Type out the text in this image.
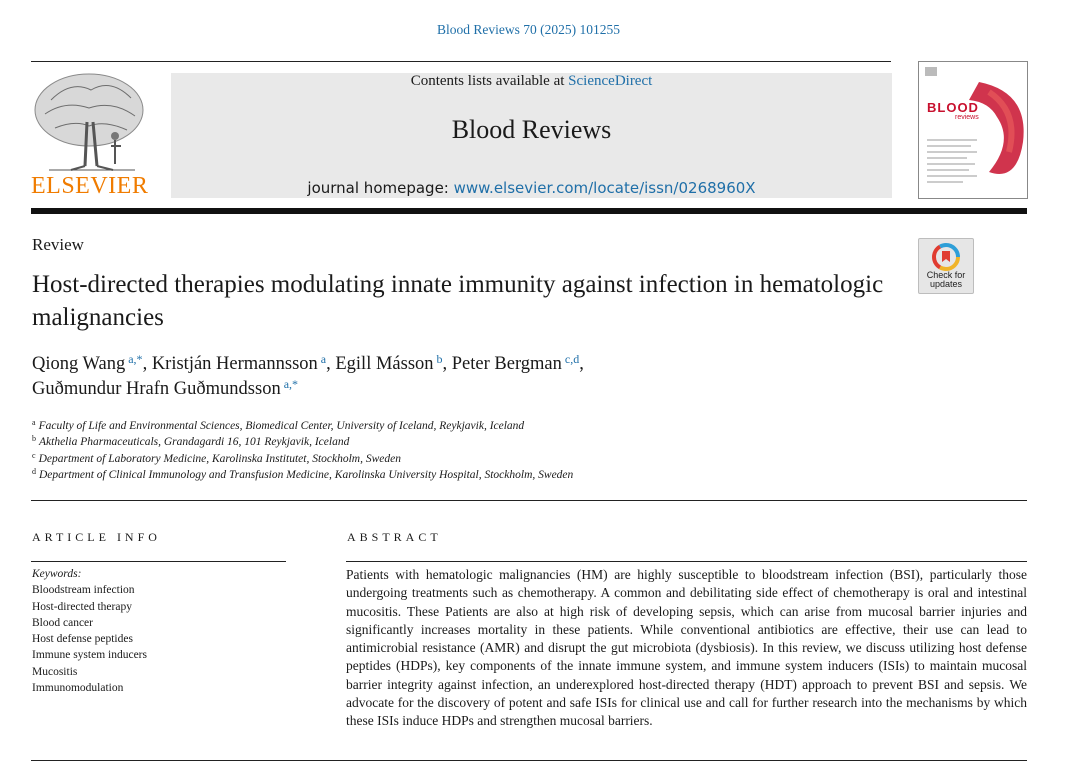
Blood Reviews 70 (2025) 101255
ELSEVIER
Contents lists available at ScienceDirect
Blood Reviews
journal homepage: www.elsevier.com/locate/issn/0268960X
BLOOD
reviews
Review
Host-directed therapies modulating innate immunity against infection in hematologic malignancies
Check for updates
Qiong Wang $^{a,*}$, Kristján Hermannsson $^a$, Egill Másson $^b$, Peter Bergman $^{c,d}$,
Guðmundur Hrafn Guðmundsson $^{a,*}$
$^a$ Faculty of Life and Environmental Sciences, Biomedical Center, University of Iceland, Reykjavik, Iceland
$^b$ Akthelia Pharmaceuticals, Grandagardi 16, 101 Reykjavik, Iceland
$^c$ Department of Laboratory Medicine, Karolinska Institutet, Stockholm, Sweden
$^d$ Department of Clinical Immunology and Transfusion Medicine, Karolinska University Hospital, Stockholm, Sweden
ARTICLE INFO
Keywords:
Bloodstream infection
Host-directed therapy
Blood cancer
Host defense peptides
Immune system inducers
Mucositis
Immunomodulation
ABSTRACT

Patients with hematologic malignancies (HM) are highly susceptible to bloodstream infection (BSI), particularly those undergoing treatments such as chemotherapy. A common and debilitating side effect of chemotherapy is oral and intestinal mucositis. These Patients are also at high risk of developing sepsis, which can arise from mucosal barrier injuries and significantly increases mortality in these patients. While conventional antibiotics are effective, their use can lead to antimicrobial resistance (AMR) and disrupt the gut microbiota (dysbiosis). In this review, we discuss utilizing host defense peptides (HDPs), key components of the innate immune system, and immune system inducers (ISIs) to maintain mucosal barrier integrity against infection, an underexplored host-directed therapy (HDT) approach to prevent BSI and sepsis. We advocate for the discovery of potent and safe ISIs for clinical use and call for further research into the mechanisms by which these ISIs induce HDPs and strengthen mucosal barriers.
